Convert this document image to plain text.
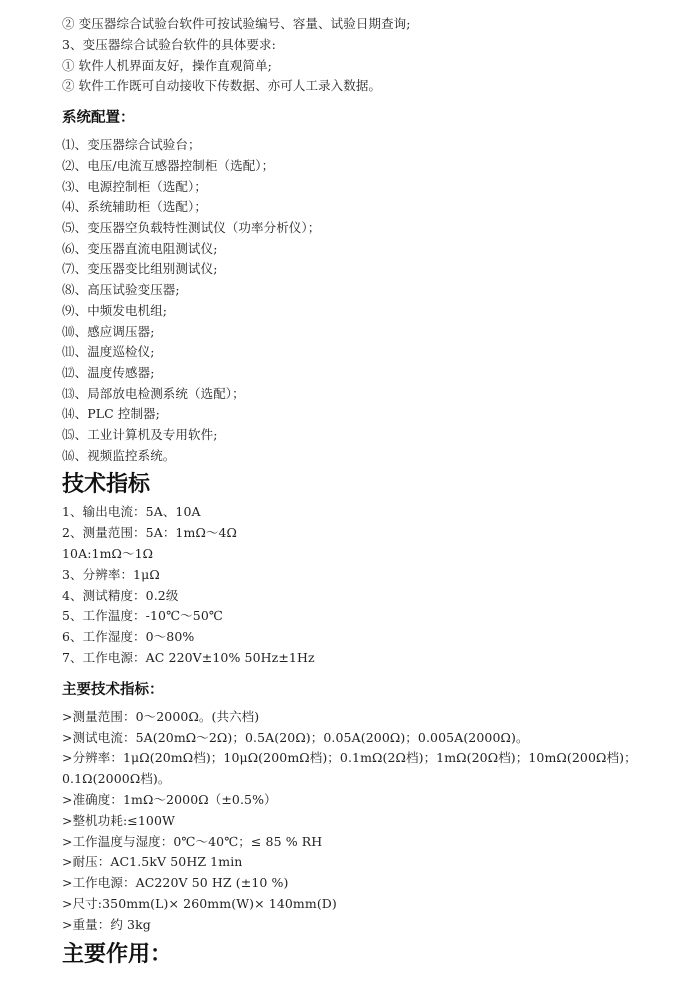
② 变压器综合试验台软件可按试验编号、容量、试验日期查询;
3、变压器综合试验台软件的具体要求:
① 软件人机界面友好，操作直观简单;
② 软件工作既可自动接收下传数据、亦可人工录入数据。
系统配置：
⑴、变压器综合试验台；
⑵、电压/电流互感器控制柜（选配）；
⑶、电源控制柜（选配）；
⑷、系统辅助柜（选配）；
⑸、变压器空负载特性测试仪（功率分析仪）；
⑹、变压器直流电阻测试仪;
⑺、变压器变比组别测试仪;
⑻、高压试验变压器;
⑼、中频发电机组;
⑽、感应调压器;
⑾、温度巡检仪;
⑿、温度传感器;
⒀、局部放电检测系统（选配）；
⒁、PLC 控制器;
⒂、工业计算机及专用软件;
⒃、视频监控系统。
技术指标
1、输出电流：5A、10A
2、测量范围：5A：1mΩ～4Ω
10A:1mΩ～1Ω
3、分辨率：1μΩ
4、测试精度：0.2级
5、工作温度：-10℃～50℃
6、工作湿度：0～80%
7、工作电源：AC 220V±10% 50Hz±1Hz
主要技术指标：
>测量范围：0～2000Ω。(共六档)
>测试电流：5A(20mΩ～2Ω)；0.5A(20Ω)；0.05A(200Ω)；0.005A(2000Ω)。
>分辨率：1μΩ(20mΩ档)；10μΩ(200mΩ档)；0.1mΩ(2Ω档)；1mΩ(20Ω档)；10mΩ(200Ω档)；0.1Ω(2000Ω档)。
>准确度：1mΩ～2000Ω（±0.5%）
>整机功耗:≤100W
>工作温度与湿度：0℃～40℃；≤ 85 % RH
>耐压：AC1.5kV 50HZ 1min
>工作电源：AC220V 50 HZ (±10 %)
>尺寸:350mm(L)× 260mm(W)× 140mm(D)
>重量：约 3kg
主要作用：
